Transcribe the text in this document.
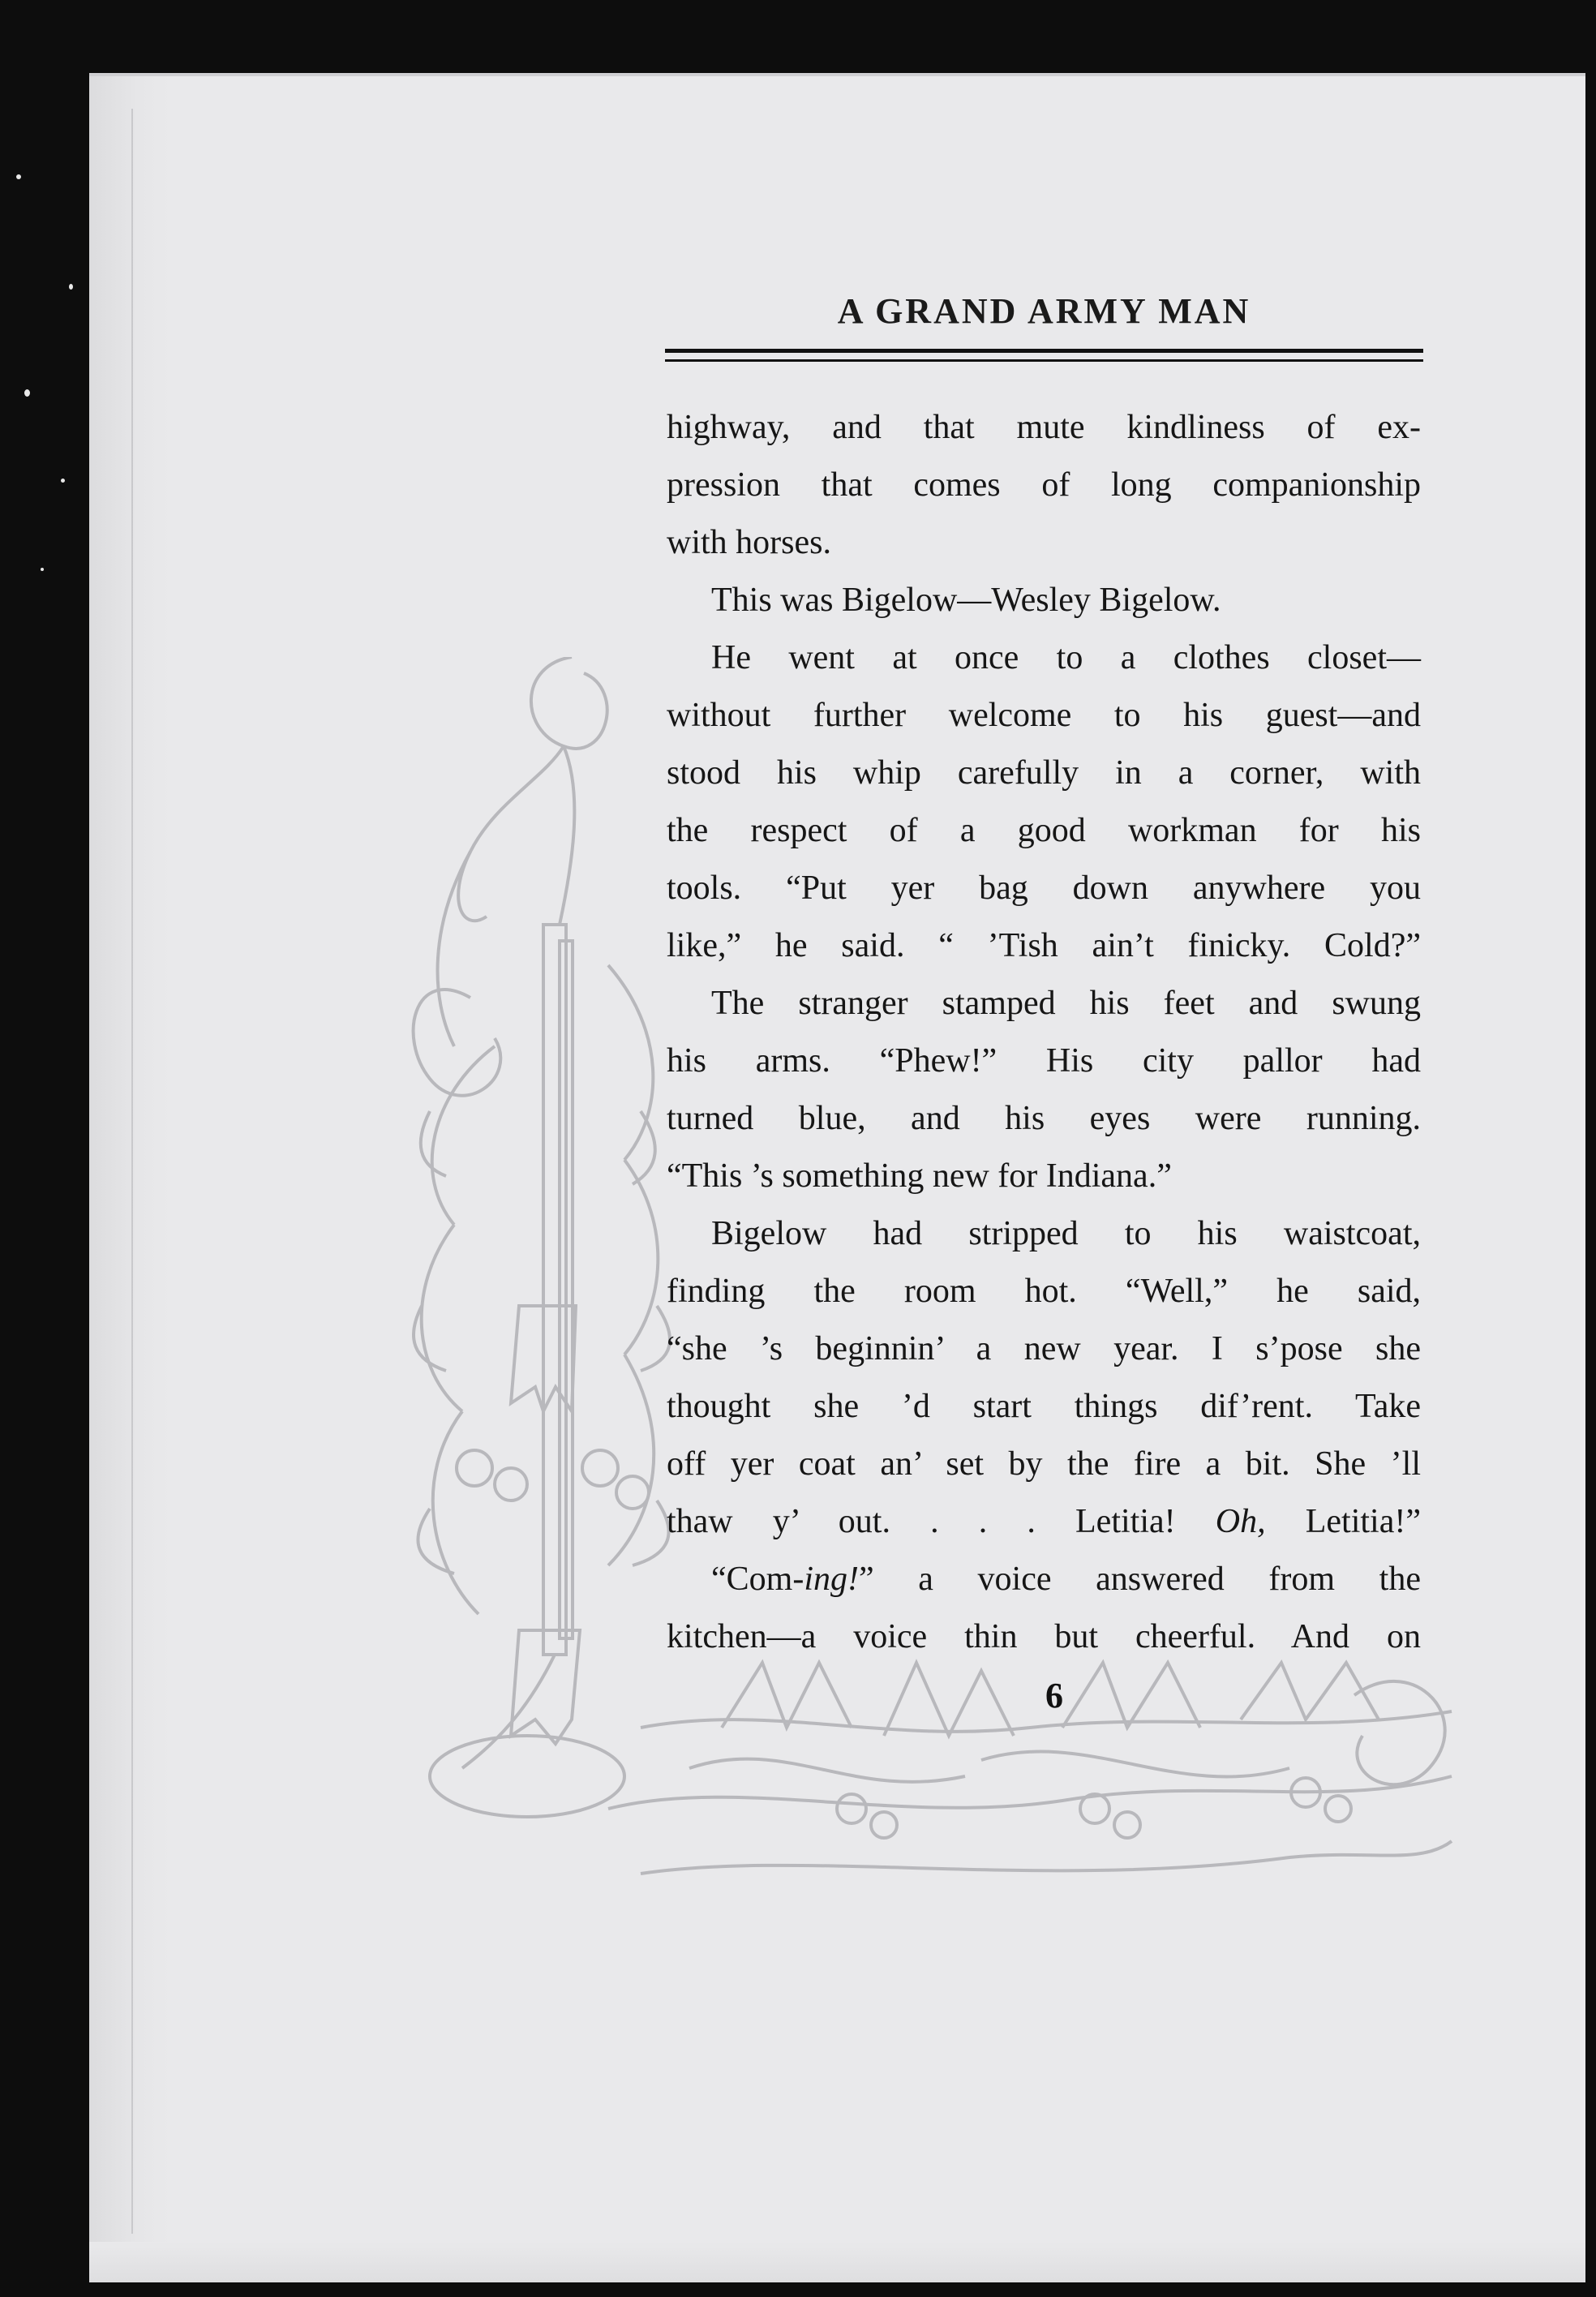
A GRAND ARMY MAN
highway, and that mute kindliness of ex-
pression that comes of long companionship
with horses.
This was Bigelow—Wesley Bigelow.
He went at once to a clothes closet—
without further welcome to his guest—and
stood his whip carefully in a corner, with
the respect of a good workman for his
tools. “Put yer bag down anywhere you
like,” he said. “ ’Tish ain’t finicky. Cold?”
The stranger stamped his feet and swung
his arms. “Phew!” His city pallor had
turned blue, and his eyes were running.
“This ’s something new for Indiana.”
Bigelow had stripped to his waistcoat,
finding the room hot. “Well,” he said,
“she ’s beginnin’ a new year. I s’pose she
thought she ’d start things dif’rent. Take
off yer coat an’ set by the fire a bit. She ’ll
thaw y’ out. . . . Letitia! Oh, Letitia!”
“Com-ing!” a voice answered from the
kitchen—a voice thin but cheerful. And on
6
